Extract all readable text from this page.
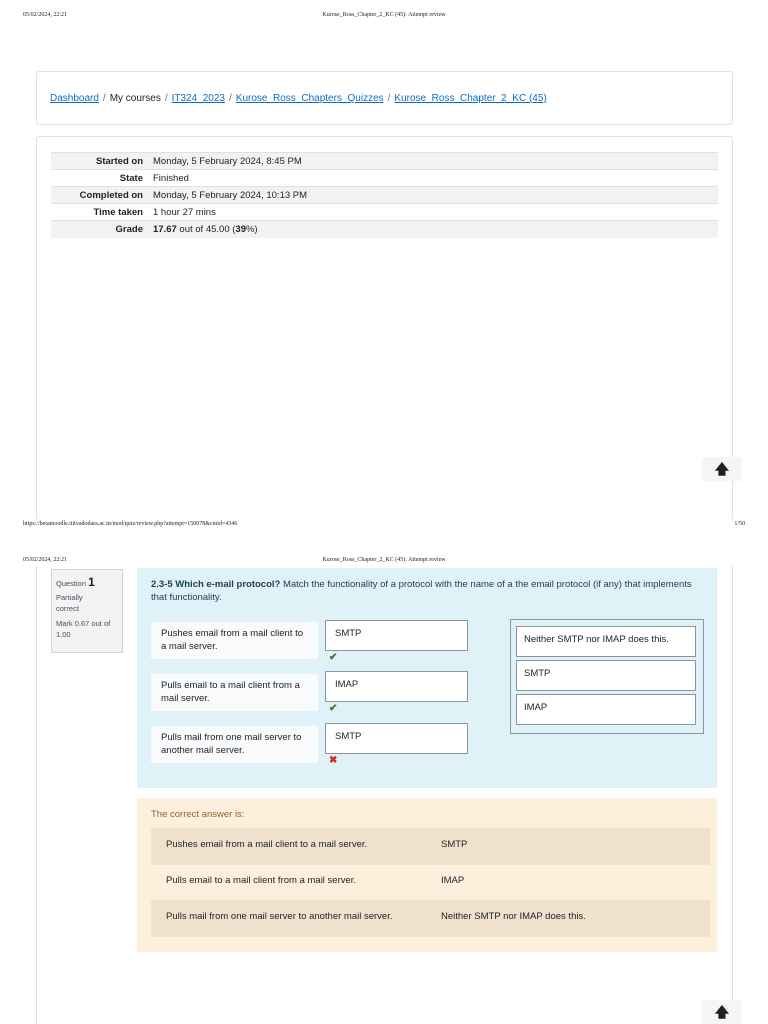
05/02/2024, 22:21	Kurose_Ross_Chapter_2_KC (45): Attempt review
Dashboard / My courses / IT324_2023 / Kurose_Ross_Chapters_Quizzes / Kurose_Ross_Chapter_2_KC (45)
Started on	Monday, 5 February 2024, 8:45 PM
State	Finished
Completed on	Monday, 5 February 2024, 10:13 PM
Time taken	1 hour 27 mins
Grade	17.67 out of 45.00 (39%)
🡅
https://betamoodle.iiitvadodara.ac.in/mod/quiz/review.php?attempt=150078&cmid=4346	1/50
05/02/2024, 22:21	Kurose_Ross_Chapter_2_KC (45): Attempt review
Question 1
Partially correct
Mark 0.67 out of 1.00
2.3-5 Which e-mail protocol? Match the functionality of a protocol with the name of a the email protocol (if any) that implements that functionality.
Pushes email from a mail client to a mail server.
SMTP
✔
Pulls email to a mail client from a mail server.
IMAP
✔
Pulls mail from one mail server to another mail server.
SMTP
✖
Neither SMTP nor IMAP does this.
SMTP
IMAP
The correct answer is:
Pushes email from a mail client to a mail server.	SMTP
Pulls email to a mail client from a mail server.	IMAP
Pulls mail from one mail server to another mail server.	Neither SMTP nor IMAP does this.
🡅
